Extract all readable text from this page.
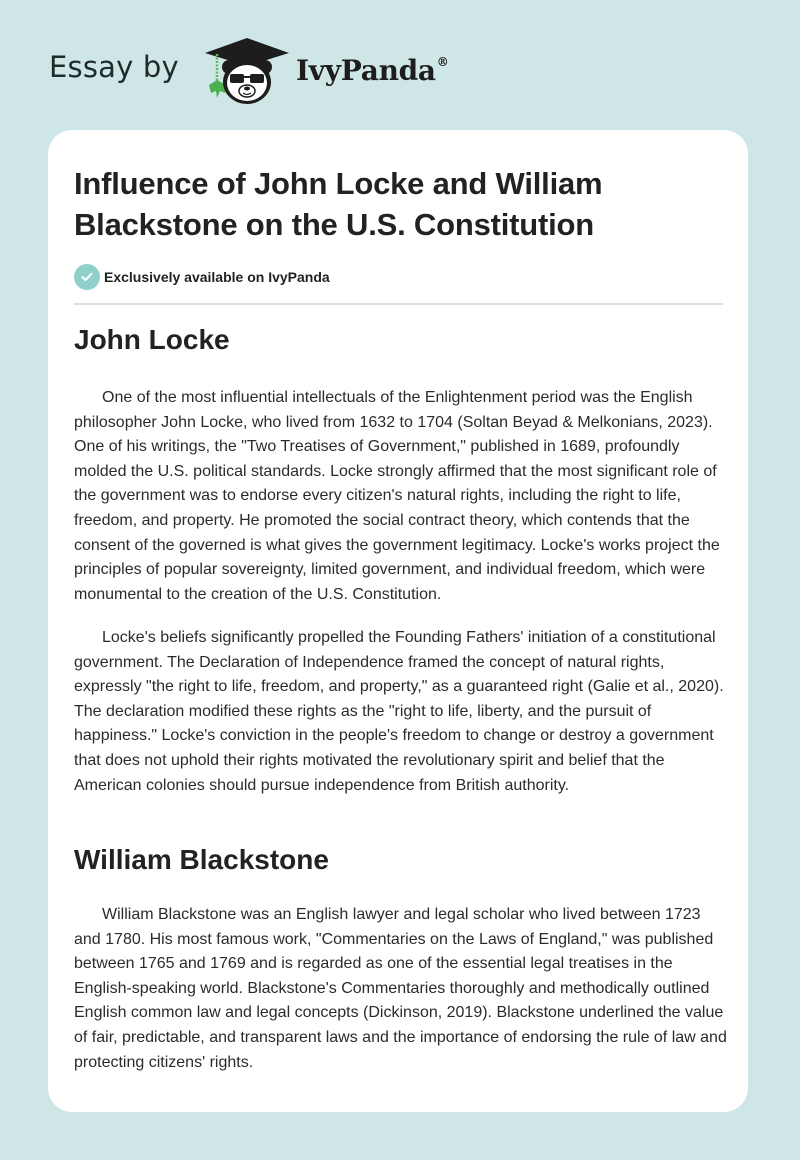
Essay by	IvyPanda®
Influence of John Locke and William Blackstone on the U.S. Constitution
Exclusively available on IvyPanda
John Locke

One of the most influential intellectuals of the Enlightenment period was the English philosopher John Locke, who lived from 1632 to 1704 (Soltan Beyad & Melkonians, 2023). One of his writings, the "Two Treatises of Government," published in 1689, profoundly molded the U.S. political standards. Locke strongly affirmed that the most significant role of the government was to endorse every citizen's natural rights, including the right to life, freedom, and property. He promoted the social contract theory, which contends that the consent of the governed is what gives the government legitimacy. Locke's works project the principles of popular sovereignty, limited government, and individual freedom, which were monumental to the creation of the U.S. Constitution.

Locke's beliefs significantly propelled the Founding Fathers' initiation of a constitutional government. The Declaration of Independence framed the concept of natural rights, expressly "the right to life, freedom, and property," as a guaranteed right (Galie et al., 2020). The declaration modified these rights as the "right to life, liberty, and the pursuit of happiness." Locke's conviction in the people's freedom to change or destroy a government that does not uphold their rights motivated the revolutionary spirit and belief that the American colonies should pursue independence from British authority.

William Blackstone

William Blackstone was an English lawyer and legal scholar who lived between 1723 and 1780. His most famous work, "Commentaries on the Laws of England," was published between 1765 and 1769 and is regarded as one of the essential legal treatises in the English-speaking world. Blackstone's Commentaries thoroughly and methodically outlined English common law and legal concepts (Dickinson, 2019). Blackstone underlined the value of fair, predictable, and transparent laws and the importance of endorsing the rule of law and protecting citizens' rights.
